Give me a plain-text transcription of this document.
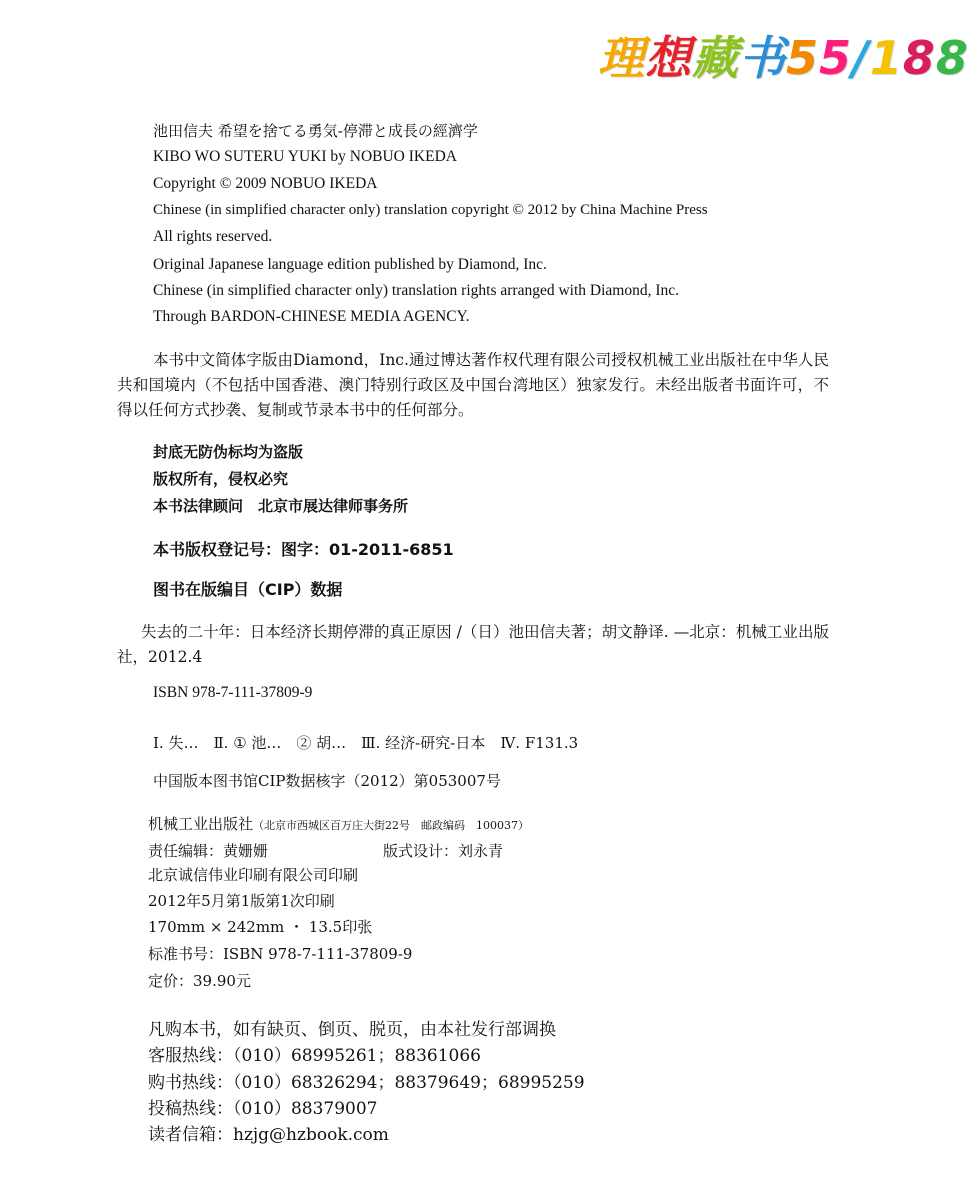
理想藏书55/188
池田信夫 希望を捨てる勇気-停滞と成長の經濟学
KIBO WO SUTERU YUKI by NOBUO IKEDA
Copyright © 2009 NOBUO IKEDA
Chinese (in simplified character only) translation copyright © 2012 by China Machine Press
All rights reserved.
Original Japanese language edition published by Diamond, Inc.
Chinese (in simplified character only) translation rights arranged with Diamond, Inc.
Through BARDON-CHINESE MEDIA AGENCY.
本书中文简体字版由Diamond，Inc.通过博达著作权代理有限公司授权机械工业出版社在中华人民共和国境内（不包括中国香港、澳门特别行政区及中国台湾地区）独家发行。未经出版者书面许可，不得以任何方式抄袭、复制或节录本书中的任何部分。
封底无防伪标均为盗版
版权所有，侵权必究
本书法律顾问　北京市展达律师事务所
本书版权登记号：图字：01-2011-6851
图书在版编目（CIP）数据
失去的二十年：日本经济长期停滞的真正原因 /（日）池田信夫著；胡文静译. —北京：机械工业出版社，2012.4
ISBN 978-7-111-37809-9
Ⅰ. 失…　Ⅱ. ① 池…　② 胡…　Ⅲ. 经济-研究-日本　Ⅳ. F131.3
中国版本图书馆CIP数据核字（2012）第053007号
机械工业出版社（北京市西城区百万庄大街22号　邮政编码　100037）
责任编辑：黄姗姗	版式设计：刘永青
北京诚信伟业印刷有限公司印刷
2012年5月第1版第1次印刷
170mm × 242mm ・ 13.5印张
标准书号：ISBN 978-7-111-37809-9
定价：39.90元
凡购本书，如有缺页、倒页、脱页，由本社发行部调换
客服热线：（010）68995261；88361066
购书热线：（010）68326294；88379649；68995259
投稿热线：（010）88379007
读者信箱：hzjg@hzbook.com
